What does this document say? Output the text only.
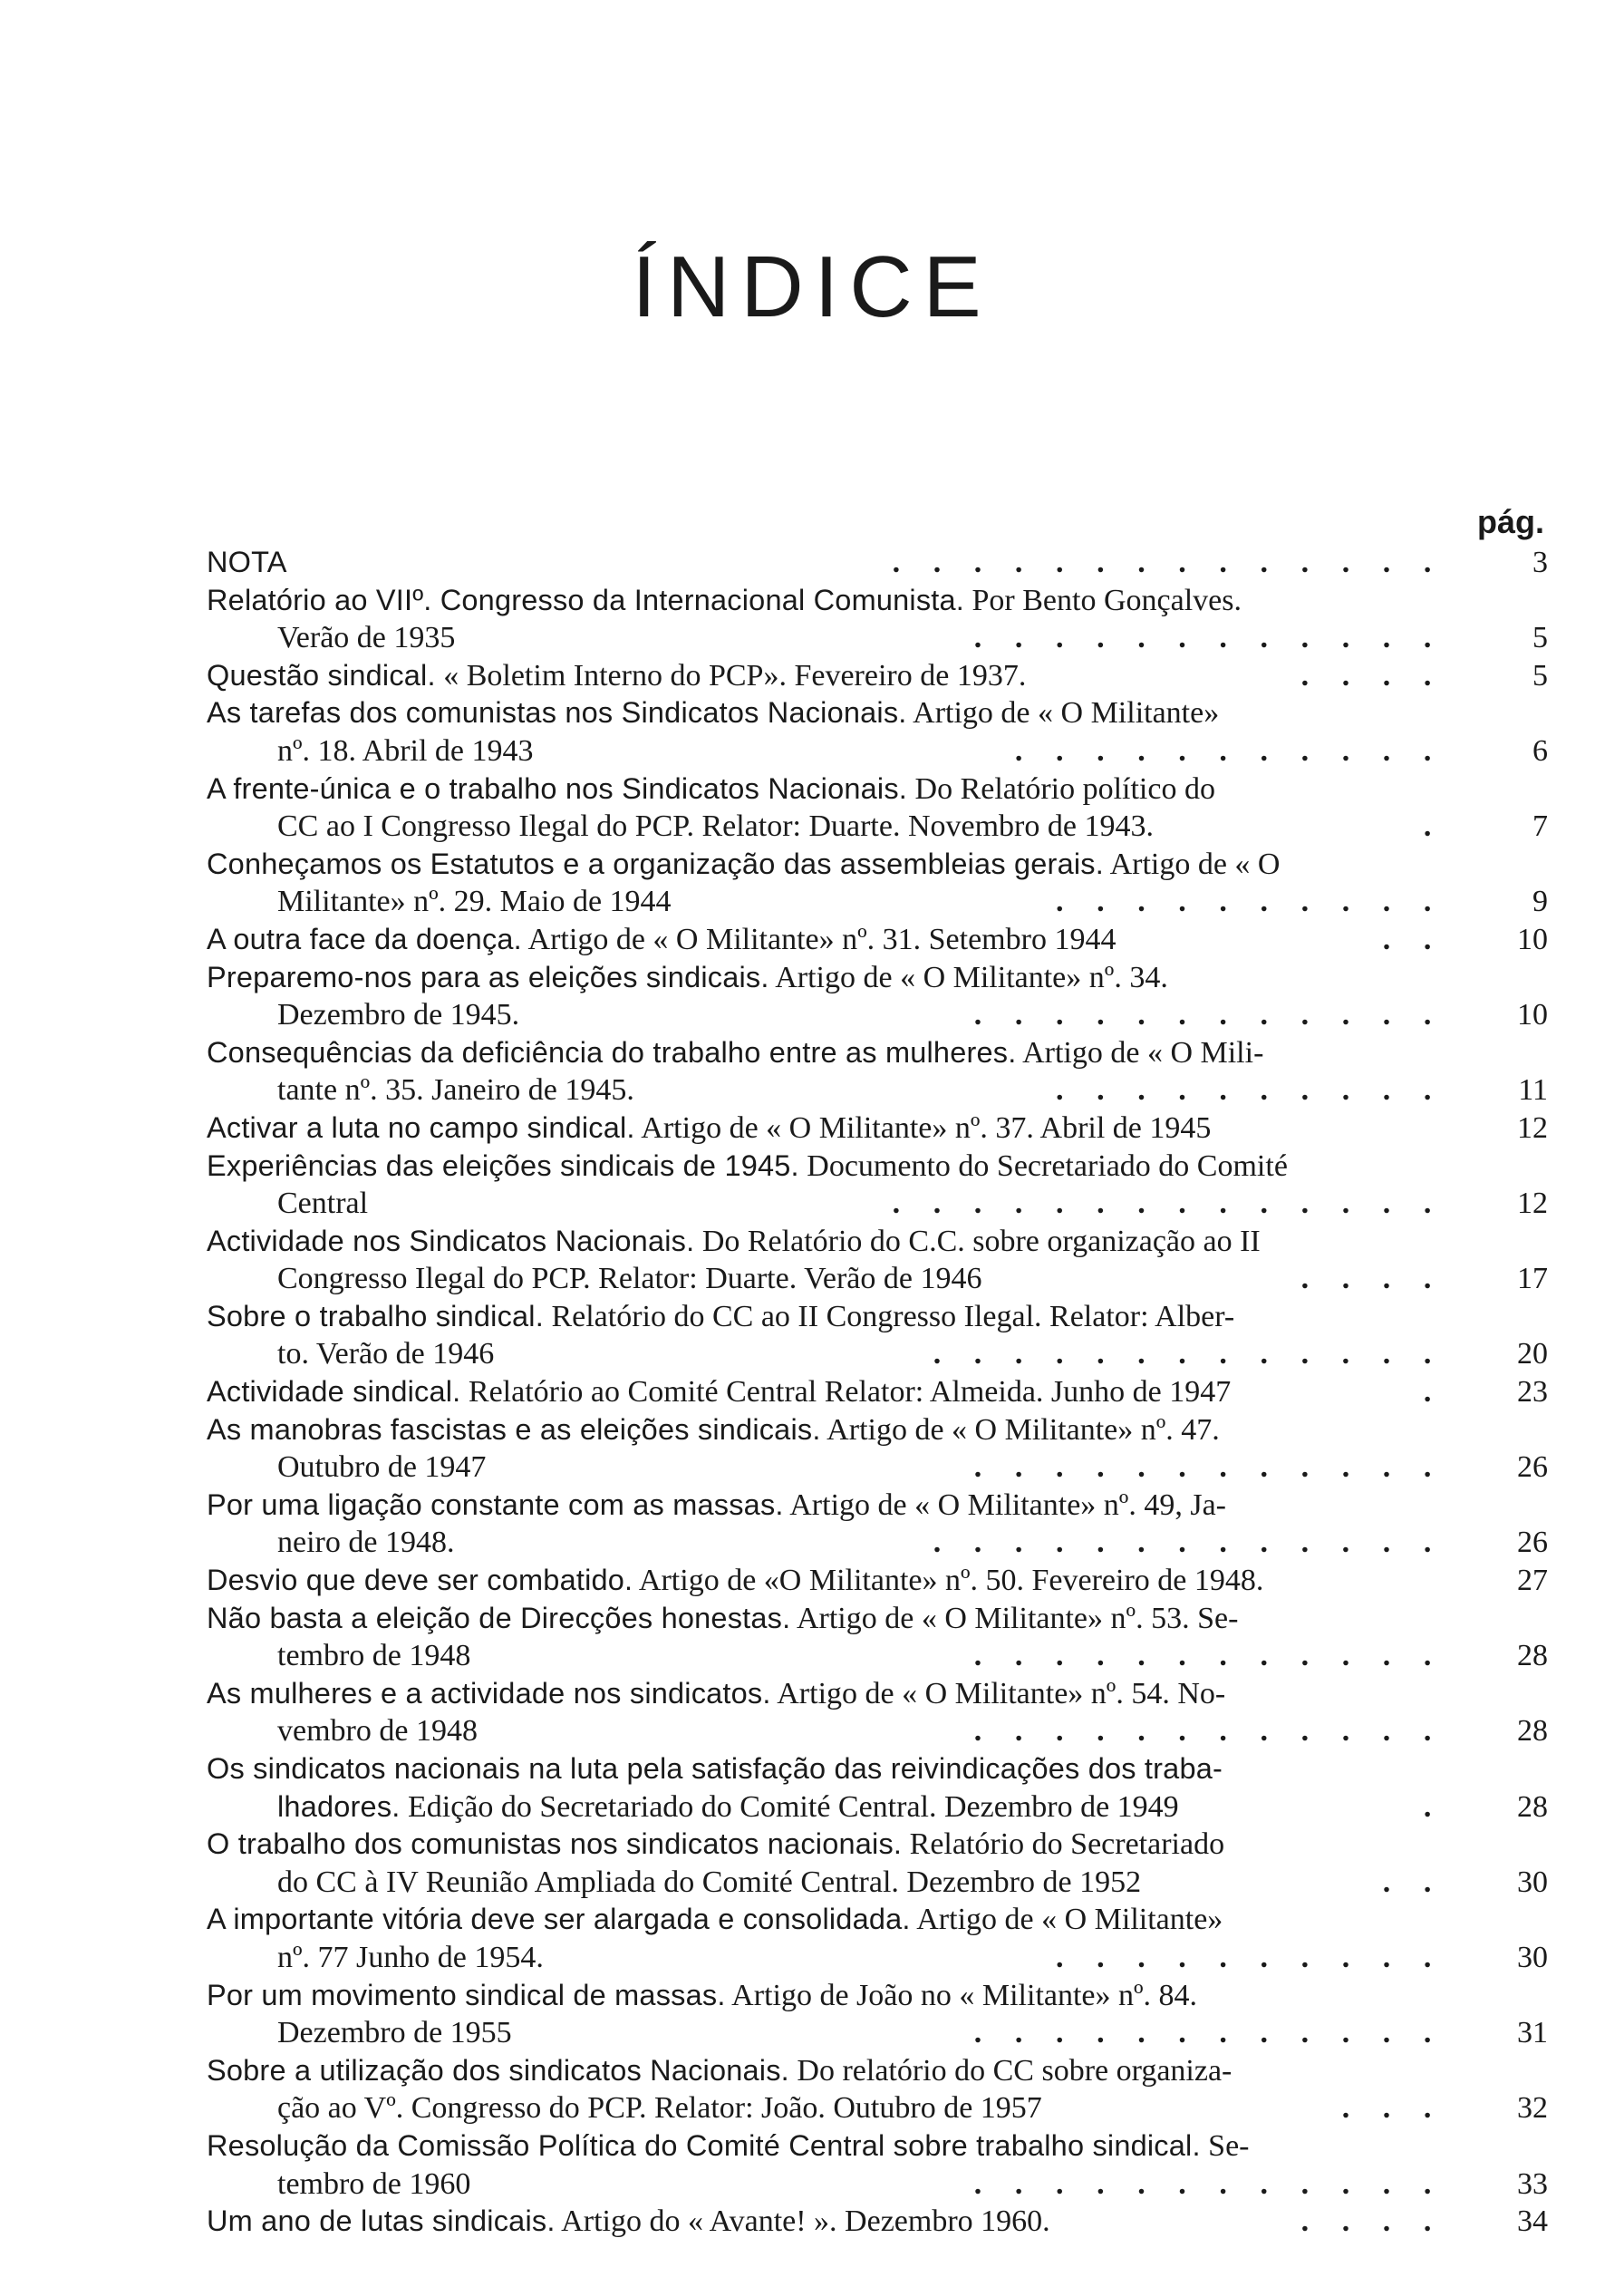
ÍNDICE
pág.
NOTA	..............	3
Relatório ao VIIº. Congresso da Internacional Comunista. Por Bento Gonçalves.
Verão de 1935	............	5
Questão sindical. « Boletim Interno do PCP». Fevereiro de 1937.	....	5
As tarefas dos comunistas nos Sindicatos Nacionais. Artigo de « O Militante»
nº. 18. Abril de 1943	...........	6
A frente-única e o trabalho nos Sindicatos Nacionais. Do Relatório político do
CC ao I Congresso Ilegal do PCP. Relator: Duarte. Novembro de 1943.	.	7
Conheçamos os Estatutos e a organização das assembleias gerais. Artigo de « O
Militante» nº. 29. Maio de 1944	..........	9
A outra face da doença. Artigo de « O Militante» nº. 31. Setembro 1944	..	10
Preparemo-nos para as eleições sindicais. Artigo de « O Militante» nº. 34.
Dezembro de 1945.	............	10
Consequências da deficiência do trabalho entre as mulheres. Artigo de « O Mili-
tante nº. 35. Janeiro de 1945.	..........	11
Activar a luta no campo sindical. Artigo de « O Militante» nº. 37. Abril de 1945	12
Experiências das eleições sindicais de 1945. Documento do Secretariado do Comité
Central	..............	12
Actividade nos Sindicatos Nacionais. Do Relatório do C.C. sobre organização ao II
Congresso Ilegal do PCP. Relator: Duarte. Verão de 1946	....	17
Sobre o trabalho sindical. Relatório do CC ao II Congresso Ilegal. Relator: Alber-
to. Verão de 1946	.............	20
Actividade sindical. Relatório ao Comité Central Relator: Almeida. Junho de 1947	.	23
As manobras fascistas e as eleições sindicais. Artigo de « O Militante» nº. 47.
Outubro de 1947	............	26
Por uma ligação constante com as massas. Artigo de « O Militante» nº. 49, Ja-
neiro de 1948.	.............	26
Desvio que deve ser combatido. Artigo de «O Militante» nº. 50. Fevereiro de 1948.	27
Não basta a eleição de Direcções honestas. Artigo de « O Militante» nº. 53. Se-
tembro de 1948	............	28
As mulheres e a actividade nos sindicatos. Artigo de « O Militante» nº. 54. No-
vembro de 1948	............	28
Os sindicatos nacionais na luta pela satisfação das reivindicações dos traba-
lhadores. Edição do Secretariado do Comité Central. Dezembro de 1949	.	28
O trabalho dos comunistas nos sindicatos nacionais. Relatório do Secretariado
do CC à IV Reunião Ampliada do Comité Central. Dezembro de 1952	..	30
A importante vitória deve ser alargada e consolidada. Artigo de « O Militante»
nº. 77 Junho de 1954.	..........	30
Por um movimento sindical de massas. Artigo de João no « Militante» nº. 84.
Dezembro de 1955	............	31
Sobre a utilização dos sindicatos Nacionais. Do relatório do CC sobre organiza-
ção ao Vº. Congresso do PCP. Relator: João. Outubro de 1957	...	32
Resolução da Comissão Política do Comité Central sobre trabalho sindical. Se-
tembro de 1960	............	33
Um ano de lutas sindicais. Artigo do « Avante! ». Dezembro 1960.	....	34
